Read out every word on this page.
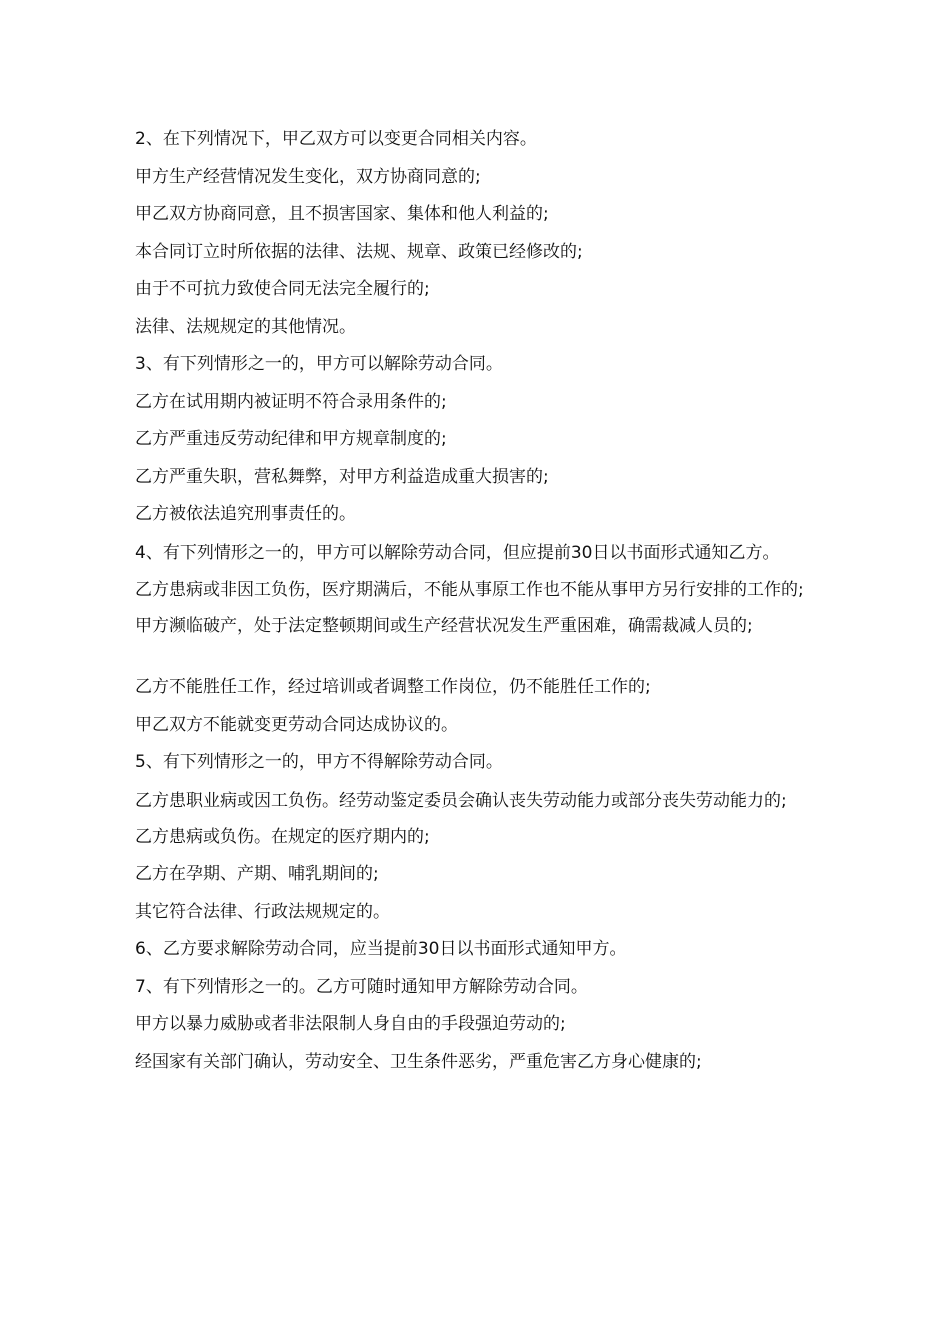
2、在下列情况下，甲乙双方可以变更合同相关内容。

甲方生产经营情况发生变化，双方协商同意的;

甲乙双方协商同意，且不损害国家、集体和他人利益的;

本合同订立时所依据的法律、法规、规章、政策已经修改的;

由于不可抗力致使合同无法完全履行的;

法律、法规规定的其他情况。

3、有下列情形之一的，甲方可以解除劳动合同。

乙方在试用期内被证明不符合录用条件的;

乙方严重违反劳动纪律和甲方规章制度的;

乙方严重失职，营私舞弊，对甲方利益造成重大损害的;

乙方被依法追究刑事责任的。

4、有下列情形之一的，甲方可以解除劳动合同，但应提前30日以书面形式通知乙方。

乙方患病或非因工负伤，医疗期满后，不能从事原工作也不能从事甲方另行安排的工作的;

甲方濒临破产，处于法定整顿期间或生产经营状况发生严重困难，确需裁减人员的;

乙方不能胜任工作，经过培训或者调整工作岗位，仍不能胜任工作的;

甲乙双方不能就变更劳动合同达成协议的。

5、有下列情形之一的，甲方不得解除劳动合同。

乙方患职业病或因工负伤。经劳动鉴定委员会确认丧失劳动能力或部分丧失劳动能力的;

乙方患病或负伤。在规定的医疗期内的;

乙方在孕期、产期、哺乳期间的;

其它符合法律、行政法规规定的。

6、乙方要求解除劳动合同，应当提前30日以书面形式通知甲方。

7、有下列情形之一的。乙方可随时通知甲方解除劳动合同。

甲方以暴力威胁或者非法限制人身自由的手段强迫劳动的;

经国家有关部门确认，劳动安全、卫生条件恶劣，严重危害乙方身心健康的;
